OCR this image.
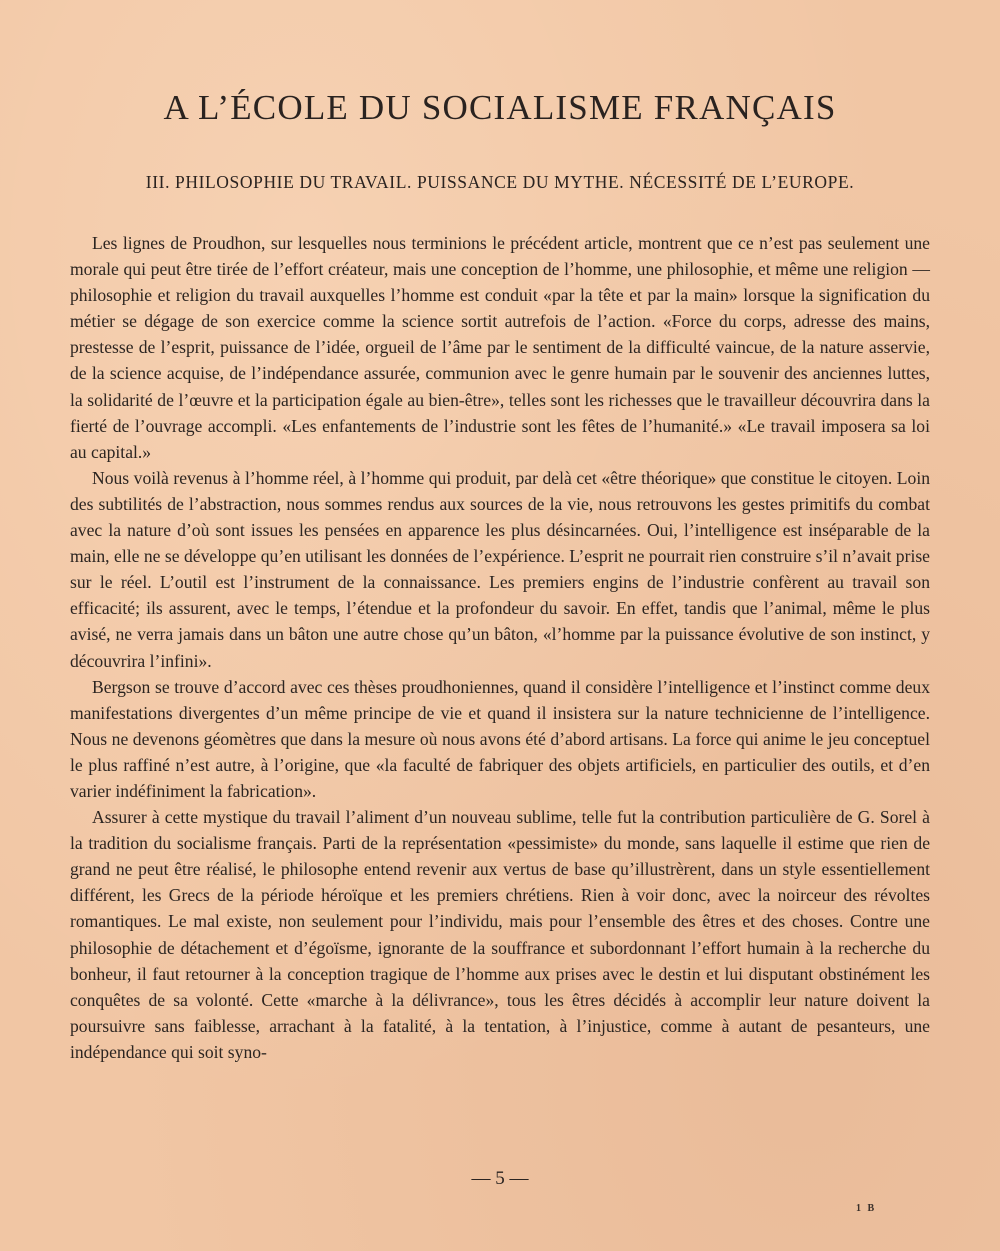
A L’ÉCOLE DU SOCIALISME FRANÇAIS
III. PHILOSOPHIE DU TRAVAIL. PUISSANCE DU MYTHE. NÉCESSITÉ DE L’EUROPE.

Les lignes de Proudhon, sur lesquelles nous terminions le précédent article, montrent que ce n’est pas seulement une morale qui peut être tirée de l’effort créateur, mais une conception de l’homme, une philosophie, et même une religion — philosophie et religion du travail auxquelles l’homme est conduit «par la tête et par la main» lorsque la signification du métier se dégage de son exercice comme la science sortit autrefois de l’action. «Force du corps, adresse des mains, prestesse de l’esprit, puissance de l’idée, orgueil de l’âme par le sentiment de la difficulté vaincue, de la nature asservie, de la science acquise, de l’indépendance assurée, communion avec le genre humain par le souvenir des anciennes luttes, la solidarité de l’œuvre et la participation égale au bien-être», telles sont les richesses que le travailleur découvrira dans la fierté de l’ouvrage accompli. «Les enfantements de l’industrie sont les fêtes de l’humanité.» «Le travail imposera sa loi au capital.»

Nous voilà revenus à l’homme réel, à l’homme qui produit, par delà cet «être théorique» que constitue le citoyen. Loin des subtilités de l’abstraction, nous sommes rendus aux sources de la vie, nous retrouvons les gestes primitifs du combat avec la nature d’où sont issues les pensées en apparence les plus désincarnées. Oui, l’intelligence est inséparable de la main, elle ne se développe qu’en utilisant les données de l’expérience. L’esprit ne pourrait rien construire s’il n’avait prise sur le réel. L’outil est l’instrument de la connaissance. Les premiers engins de l’industrie confèrent au travail son efficacité; ils assurent, avec le temps, l’étendue et la profondeur du savoir. En effet, tandis que l’animal, même le plus avisé, ne verra jamais dans un bâton une autre chose qu’un bâton, «l’homme par la puissance évolutive de son instinct, y découvrira l’infini».

Bergson se trouve d’accord avec ces thèses proudhoniennes, quand il considère l’intelligence et l’instinct comme deux manifestations divergentes d’un même principe de vie et quand il insistera sur la nature technicienne de l’intelligence. Nous ne devenons géomètres que dans la mesure où nous avons été d’abord artisans. La force qui anime le jeu conceptuel le plus raffiné n’est autre, à l’origine, que «la faculté de fabriquer des objets artificiels, en particulier des outils, et d’en varier indéfiniment la fabrication».

Assurer à cette mystique du travail l’aliment d’un nouveau sublime, telle fut la contribution particulière de G. Sorel à la tradition du socialisme français. Parti de la représentation «pessimiste» du monde, sans laquelle il estime que rien de grand ne peut être réalisé, le philosophe entend revenir aux vertus de base qu’illustrèrent, dans un style essentiellement différent, les Grecs de la période héroïque et les premiers chrétiens. Rien à voir donc, avec la noirceur des révoltes romantiques. Le mal existe, non seulement pour l’individu, mais pour l’ensemble des êtres et des choses. Contre une philosophie de détachement et d’égoïsme, ignorante de la souffrance et subordonnant l’effort humain à la recherche du bonheur, il faut retourner à la conception tragique de l’homme aux prises avec le destin et lui disputant obstinément les conquêtes de sa volonté. Cette «marche à la délivrance», tous les êtres décidés à accomplir leur nature doivent la poursuivre sans faiblesse, arrachant à la fatalité, à la tentation, à l’injustice, comme à autant de pesanteurs, une indépendance qui soit syno-

— 5 —
1 B
